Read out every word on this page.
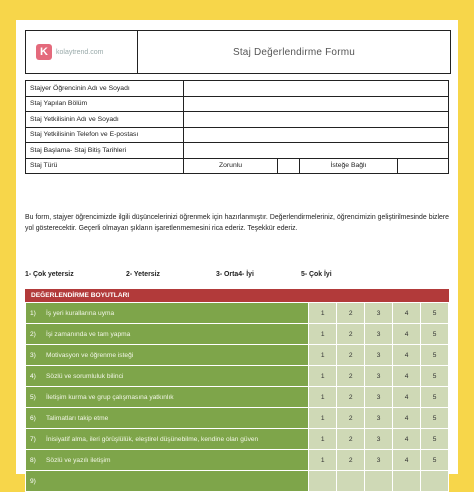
K	kolaytrend.com	Staj Değerlendirme Formu
Stajyer Öğrencinin Adı ve Soyadı				
Staj Yapılan Bölüm				
Staj Yetkilisinin Adı ve Soyadı				
Staj Yetkilisinin Telefon ve E-postası				
Staj Başlama- Staj Bitiş Tarihleri				
Staj Türü	Zorunlu		İsteğe Bağlı	
Bu form, stajyer öğrencimizde ilgili düşüncelerinizi öğrenmek için hazırlanmıştır. Değerlendirmeleriniz, öğrencimizin geliştirilmesinde bizlere yol gösterecektir. Geçerli olmayan şıkların işaretlenmemesini rica ederiz. Teşekkür ederiz.
1- Çok yetersiz	2- Yetersiz	3- Orta4- İyi	5- Çok İyi
DEĞERLENDİRME BOYUTLARI
1) İş yeri kurallarına uyma	1	2	3	4	5
2) İşi zamanında ve tam yapma	1	2	3	4	5
3) Motivasyon ve öğrenme isteği	1	2	3	4	5
4) Sözlü ve sorumluluk bilinci	1	2	3	4	5
5) İletişim kurma ve grup çalışmasına yatkınlık	1	2	3	4	5
6) Talimatları takip etme	1	2	3	4	5
7) İnisiyatif alma, ileri görüşlülük, eleştirel düşünebilme, kendine olan güven	1	2	3	4	5
8) Sözlü ve yazılı iletişim	1	2	3	4	5
9)					
